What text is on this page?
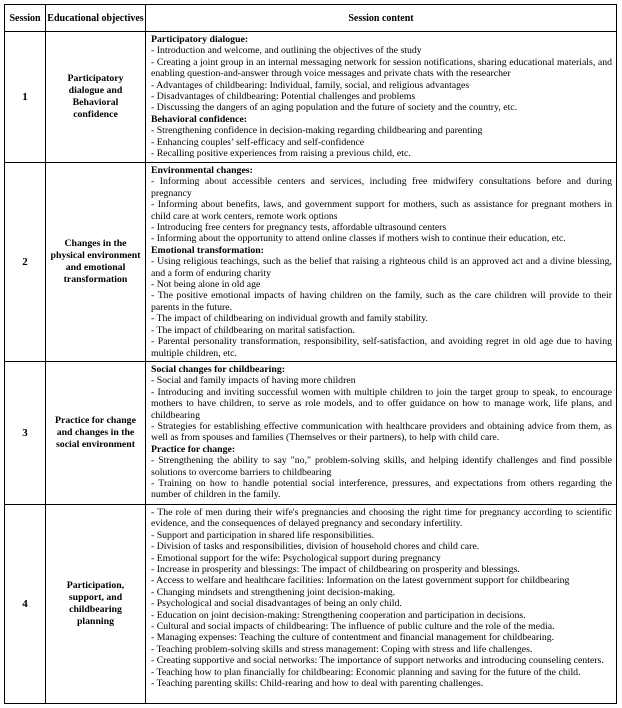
Session	Educational objectives	Session content
1	Participatory dialogue and Behavioral confidence	
Participatory dialogue:
- Introduction and welcome, and outlining the objectives of the study
- Creating a joint group in an internal messaging network for session notifications, sharing educational materials, and enabling question-and-answer through voice messages and private chats with the researcher
- Advantages of childbearing: Individual, family, social, and religious advantages
- Disadvantages of childbearing: Potential challenges and problems
- Discussing the dangers of an aging population and the future of society and the country, etc.
Behavioral confidence:
- Strengthening confidence in decision-making regarding childbearing and parenting
- Enhancing couples’ self-efficacy and self-confidence
- Recalling positive experiences from raising a previous child, etc.

2	Changes in the physical environment and emotional transformation	
Environmental changes:
- Informing about accessible centers and services, including free midwifery consultations before and during pregnancy
- Informing about benefits, laws, and government support for mothers, such as assistance for pregnant mothers in child care at work centers, remote work options
- Introducing free centers for pregnancy tests, affordable ultrasound centers
- Informing about the opportunity to attend online classes if mothers wish to continue their education, etc.
Emotional transformation:
- Using religious teachings, such as the belief that raising a righteous child is an approved act and a divine blessing, and a form of enduring charity
- Not being alone in old age
- The positive emotional impacts of having children on the family, such as the care children will provide to their parents in the future.
- The impact of childbearing on individual growth and family stability.
- The impact of childbearing on marital satisfaction.
- Parental personality transformation, responsibility, self-satisfaction, and avoiding regret in old age due to having multiple children, etc.

3	Practice for change and changes in the social environment	
Social changes for childbearing:
- Social and family impacts of having more children
- Introducing and inviting successful women with multiple children to join the target group to speak, to encourage mothers to have children, to serve as role models, and to offer guidance on how to manage work, life plans, and childbearing
- Strategies for establishing effective communication with healthcare providers and obtaining advice from them, as well as from spouses and families (Themselves or their partners), to help with child care.
Practice for change:
- Strengthening the ability to say "no," problem-solving skills, and helping identify challenges and find possible solutions to overcome barriers to childbearing
- Training on how to handle potential social interference, pressures, and expectations from others regarding the number of children in the family.

4	Participation, support, and childbearing planning	
- The role of men during their wife's pregnancies and choosing the right time for pregnancy according to scientific evidence, and the consequences of delayed pregnancy and secondary infertility.
- Support and participation in shared life responsibilities.
- Division of tasks and responsibilities, division of household chores and child care.
- Emotional support for the wife: Psychological support during pregnancy
- Increase in prosperity and blessings: The impact of childbearing on prosperity and blessings.
- Access to welfare and healthcare facilities: Information on the latest government support for childbearing
- Changing mindsets and strengthening joint decision-making.
- Psychological and social disadvantages of being an only child.
- Education on joint decision-making: Strengthening cooperation and participation in decisions.
- Cultural and social impacts of childbearing: The influence of public culture and the role of the media.
- Managing expenses: Teaching the culture of contentment and financial management for childbearing.
- Teaching problem-solving skills and stress management: Coping with stress and life challenges.
- Creating supportive and social networks: The importance of support networks and introducing counseling centers.
- Teaching how to plan financially for childbearing: Economic planning and saving for the future of the child.
- Teaching parenting skills: Child-rearing and how to deal with parenting challenges.
